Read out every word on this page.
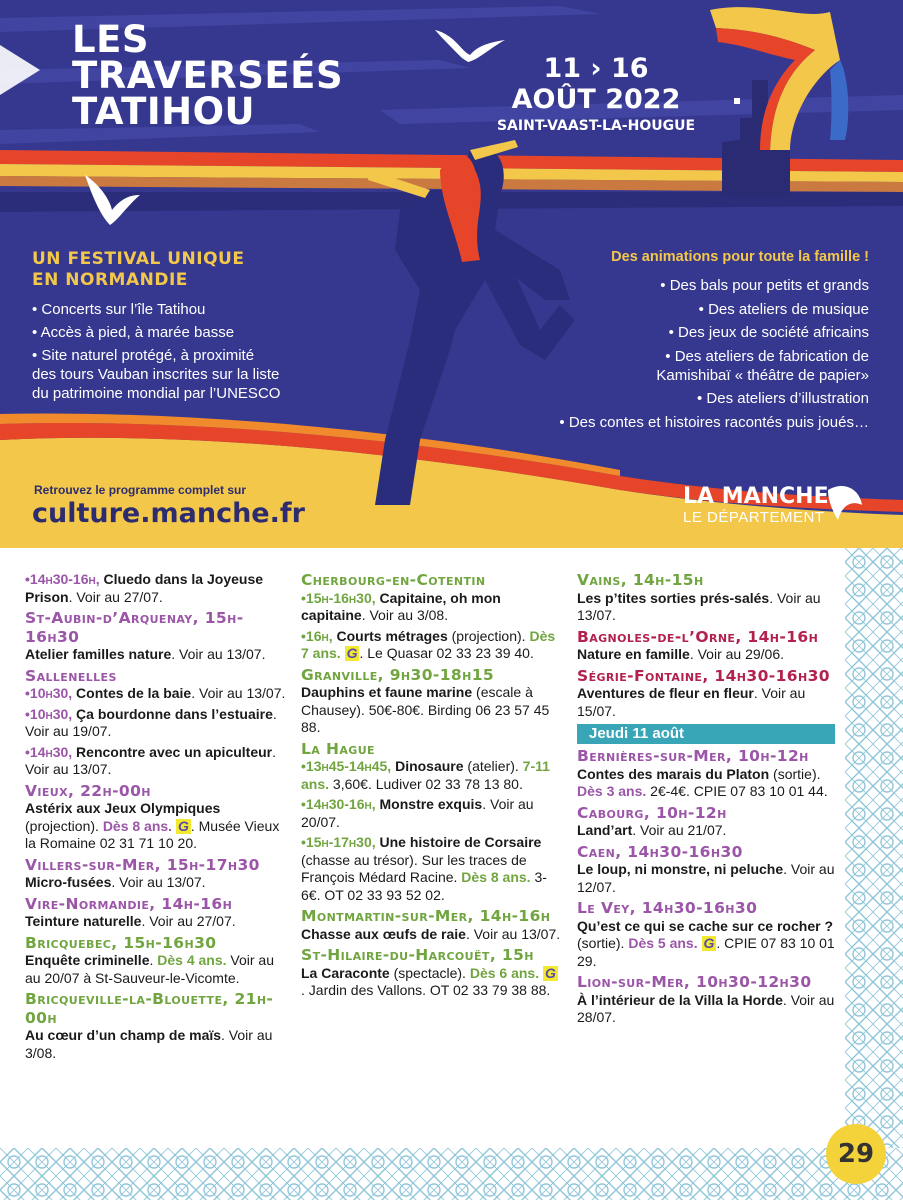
LES
TRAVERSEÉS
TATIHOU
11 › 16
AOÛT 2022
SAINT-VAAST-LA-HOUGUE
UN FESTIVAL UNIQUE
EN NORMANDIE
• Concerts sur l’île Tatihou
• Accès à pied, à marée basse
• Site naturel protégé, à proximité
des tours Vauban inscrites sur la liste
du patrimoine mondial par l’UNESCO
Des animations pour toute la famille !
• Des bals pour petits et grands
• Des ateliers de musique
• Des jeux de société africains
• Des ateliers de fabrication de
Kamishibaï « théâtre de papier»
• Des ateliers d’illustration
• Des contes et histoires racontés puis joués…
Retrouvez le programme complet sur
culture.manche.fr
LA MANCHE
LE DÉPARTEMENT
•14h30-16h, Cluedo dans la Joyeuse Prison. Voir au 27/07.
St-Aubin-d’Arquenay, 15h-16h30
Atelier familles nature. Voir au 13/07.
Sallenelles
•10h30, Contes de la baie. Voir au 13/07.
•10h30, Ça bourdonne dans l’estuaire. Voir au 19/07.
•14h30, Rencontre avec un apiculteur. Voir au 13/07.
Vieux, 22h-00h
Astérix aux Jeux Olympiques (projection). Dès 8 ans. G . Musée Vieux la Romaine 02 31 71 10 20.
Villers-sur-Mer, 15h-17h30
Micro-fusées. Voir au 13/07.
Vire-Normandie, 14h-16h
Teinture naturelle. Voir au 27/07.
Bricquebec, 15h-16h30
Enquête criminelle. Dès 4 ans. Voir au au 20/07 à St-Sauveur-le-Vicomte.
Bricqueville-la-Blouette, 21h-00h
Au cœur d’un champ de maïs. Voir au 3/08.
Cherbourg-en-Cotentin
•15h-16h30, Capitaine, oh mon capitaine. Voir au 3/08.
•16h, Courts métrages (projection). Dès 7 ans. G . Le Quasar 02 33 23 39 40.
Granville, 9h30-18h15
Dauphins et faune marine (escale à Chausey). 50€-80€. Birding 06 23 57 45 88.
La Hague
•13h45-14h45, Dinosaure (atelier). 7-11 ans. 3,60€. Ludiver 02 33 78 13 80.
•14h30-16h, Monstre exquis. Voir au 20/07.
•15h-17h30, Une histoire de Corsaire (chasse au trésor). Sur les traces de François Médard Racine. Dès 8 ans. 3-6€. OT 02 33 93 52 02.
Montmartin-sur-Mer, 14h-16h
Chasse aux œufs de raie. Voir au 13/07.
St-Hilaire-du-Harcouët, 15h
La Caraconte (spectacle). Dès 6 ans. G. Jardin des Vallons. OT 02 33 79 38 88.
Vains, 14h-15h
Les p’tites sorties prés-salés. Voir au 13/07.
Bagnoles-de-l’Orne, 14h-16h
Nature en famille. Voir au 29/06.
Ségrie-Fontaine, 14h30-16h30
Aventures de fleur en fleur. Voir au 15/07.
Jeudi 11 août
Bernières-sur-Mer, 10h-12h
Contes des marais du Platon (sortie). Dès 3 ans. 2€-4€. CPIE 07 83 10 01 44.
Cabourg, 10h-12h
Land’art. Voir au 21/07.
Caen, 14h30-16h30
Le loup, ni monstre, ni peluche. Voir au 12/07.
Le Vey, 14h30-16h30
Qu’est ce qui se cache sur ce rocher ? (sortie). Dès 5 ans. G . CPIE 07 83 10 01 29.
Lion-sur-Mer, 10h30-12h30
À l’intérieur de la Villa la Horde. Voir au 28/07.
29
